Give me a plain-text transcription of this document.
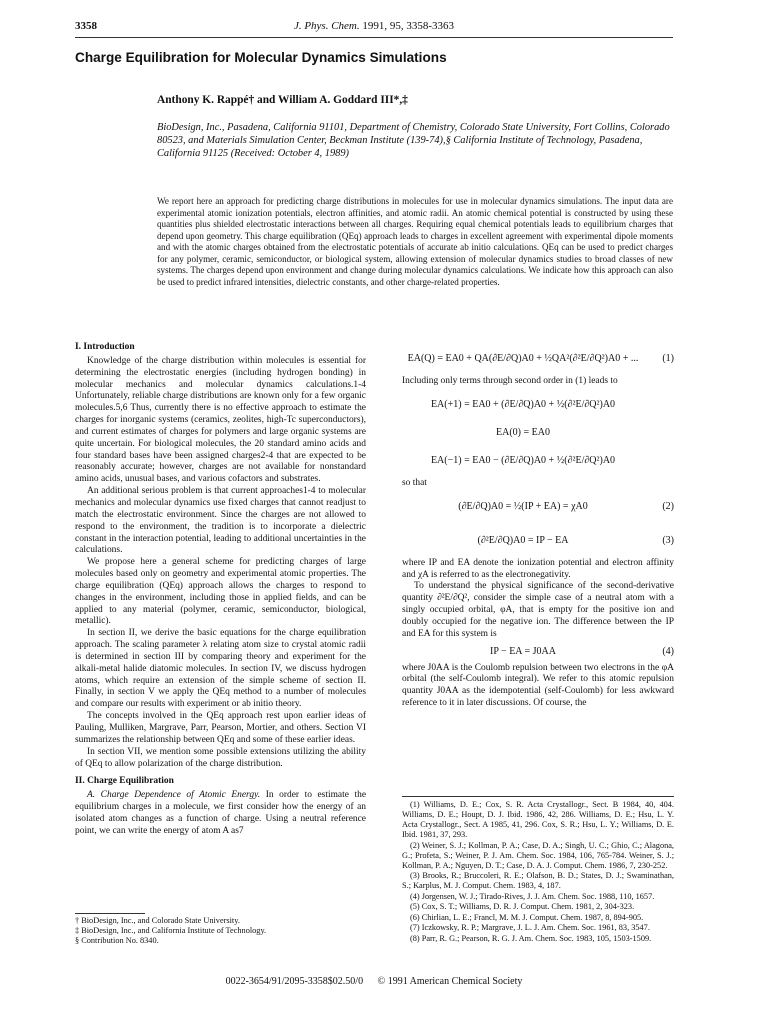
3358	J. Phys. Chem. 1991, 95, 3358-3363
Charge Equilibration for Molecular Dynamics Simulations
Anthony K. Rappé† and William A. Goddard III*,‡
BioDesign, Inc., Pasadena, California 91101, Department of Chemistry, Colorado State University, Fort Collins, Colorado 80523, and Materials Simulation Center, Beckman Institute (139-74),§ California Institute of Technology, Pasadena, California 91125 (Received: October 4, 1989)
We report here an approach for predicting charge distributions in molecules for use in molecular dynamics simulations. The input data are experimental atomic ionization potentials, electron affinities, and atomic radii. An atomic chemical potential is constructed by using these quantities plus shielded electrostatic interactions between all charges. Requiring equal chemical potentials leads to equilibrium charges that depend upon geometry. This charge equilibration (QEq) approach leads to charges in excellent agreement with experimental dipole moments and with the atomic charges obtained from the electrostatic potentials of accurate ab initio calculations. QEq can be used to predict charges for any polymer, ceramic, semiconductor, or biological system, allowing extension of molecular dynamics studies to broad classes of new systems. The charges depend upon environment and change during molecular dynamics calculations. We indicate how this approach can also be used to predict infrared intensities, dielectric constants, and other charge-related properties.
I. Introduction

Knowledge of the charge distribution within molecules is essential for determining the electrostatic energies (including hydrogen bonding) in molecular mechanics and molecular dynamics calculations.1-4 Unfortunately, reliable charge distributions are known only for a few organic molecules.5,6 Thus, currently there is no effective approach to estimate the charges for inorganic systems (ceramics, zeolites, high-Tc superconductors), and current estimates of charges for polymers and large organic systems are quite uncertain. For biological molecules, the 20 standard amino acids and four standard bases have been assigned charges2-4 that are expected to be reasonably accurate; however, charges are not available for nonstandard amino acids, unusual bases, and various cofactors and substrates.

An additional serious problem is that current approaches1-4 to molecular mechanics and molecular dynamics use fixed charges that cannot readjust to match the electrostatic environment. Since the charges are not allowed to respond to the environment, the tradition is to incorporate a dielectric constant in the interaction potential, leading to additional uncertainties in the calculations.

We propose here a general scheme for predicting charges of large molecules based only on geometry and experimental atomic properties. The charge equilibration (QEq) approach allows the charges to respond to changes in the environment, including those in applied fields, and can be applied to any material (polymer, ceramic, semiconductor, biological, metallic).

In section II, we derive the basic equations for the charge equilibration approach. The scaling parameter λ relating atom size to crystal atomic radii is determined in section III by comparing theory and experiment for the alkali-metal halide diatomic molecules. In section IV, we discuss hydrogen atoms, which require an extension of the simple scheme of section II. Finally, in section V we apply the QEq method to a number of molecules and compare our results with experiment or ab initio theory.

The concepts involved in the QEq approach rest upon earlier ideas of Pauling, Mulliken, Margrave, Parr, Pearson, Mortier, and others. Section VI summarizes the relationship between QEq and some of these earlier ideas.

In section VII, we mention some possible extensions utilizing the ability of QEq to allow polarization of the charge distribution.

II. Charge Equilibration

A. Charge Dependence of Atomic Energy. In order to estimate the equilibrium charges in a molecule, we first consider how the energy of an isolated atom changes as a function of charge. Using a neutral reference point, we can write the energy of atom A as7

EA(Q) = EA0 + QA(∂E/∂Q)A0 + ½QA²(∂²E/∂Q²)A0 + ...	(1)

Including only terms through second order in (1) leads to

EA(+1) = EA0 + (∂E/∂Q)A0 + ½(∂²E/∂Q²)A0
EA(0) = EA0
EA(−1) = EA0 − (∂E/∂Q)A0 + ½(∂²E/∂Q²)A0

so that

(∂E/∂Q)A0 = ½(IP + EA) = χA0	(2)
(∂²E/∂Q)A0 = IP − EA	(3)

where IP and EA denote the ionization potential and electron affinity and χA is referred to as the electronegativity.

To understand the physical significance of the second-derivative quantity ∂²E/∂Q², consider the simple case of a neutral atom with a singly occupied orbital, φA, that is empty for the positive ion and doubly occupied for the negative ion. The difference between the IP and EA for this system is

IP − EA = J0AA	(4)

where J0AA is the Coulomb repulsion between two electrons in the φA orbital (the self-Coulomb integral). We refer to this atomic repulsion quantity J0AA as the idempotential (self-Coulomb) for less awkward reference to it in later discussions. Of course, the

(1) Williams, D. E.; Cox, S. R. Acta Crystallogr., Sect. B 1984, 40, 404. Williams, D. E.; Houpt, D. J. Ibid. 1986, 42, 286. Williams, D. E.; Hsu, L. Y. Acta Crystallogr., Sect. A 1985, 41, 296. Cox, S. R.; Hsu, L. Y.; Williams, D. E. Ibid. 1981, 37, 293.
(2) Weiner, S. J.; Kollman, P. A.; Case, D. A.; Singh, U. C.; Ghio, C.; Alagona, G.; Profeta, S.; Weiner, P. J. Am. Chem. Soc. 1984, 106, 765-784. Weiner, S. J.; Kollman, P. A.; Nguyen, D. T.; Case, D. A. J. Comput. Chem. 1986, 7, 230-252.
(3) Brooks, R.; Bruccoleri, R. E.; Olafson, B. D.; States, D. J.; Swaminathan, S.; Karplus, M. J. Comput. Chem. 1983, 4, 187.
(4) Jorgensen, W. J.; Tirado-Rives, J. J. Am. Chem. Soc. 1988, 110, 1657.
(5) Cox, S. T.; Williams, D. R. J. Comput. Chem. 1981, 2, 304-323.
(6) Chirlian, L. E.; Francl, M. M. J. Comput. Chem. 1987, 8, 894-905.
(7) Iczkowsky, R. P.; Margrave, J. L. J. Am. Chem. Soc. 1961, 83, 3547.
(8) Parr, R. G.; Pearson, R. G. J. Am. Chem. Soc. 1983, 105, 1503-1509.
† BioDesign, Inc., and Colorado State University.
‡ BioDesign, Inc., and California Institute of Technology.
§ Contribution No. 8340.
0022-3654/91/2095-3358$02.50/0 © 1991 American Chemical Society
